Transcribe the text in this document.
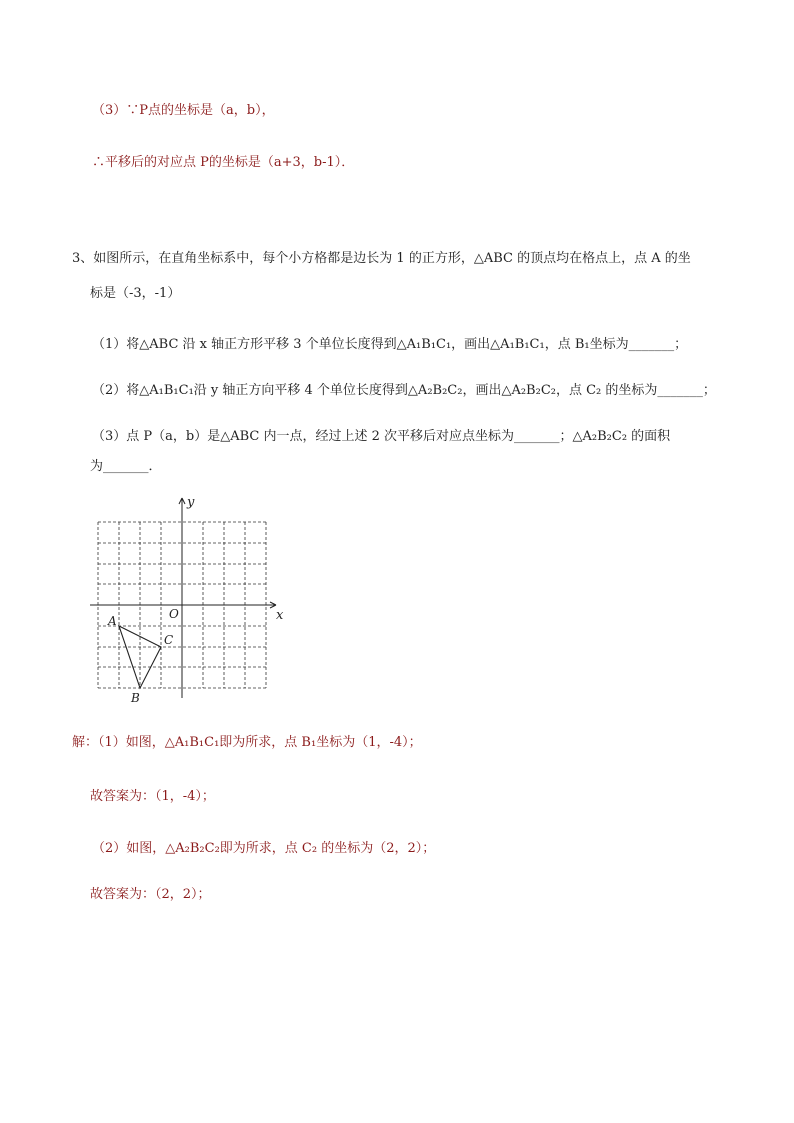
（3）∵P点的坐标是（a，b），
∴平移后的对应点 P的坐标是（a+3，b-1）．
3、如图所示，在直角坐标系中，每个小方格都是边长为 1 的正方形，△ABC 的顶点均在格点上，点 A 的坐
标是（-3，-1）
（1）将△ABC 沿 x 轴正方形平移 3 个单位长度得到△A₁B₁C₁，画出△A₁B₁C₁，点 B₁坐标为_______；
（2）将△A₁B₁C₁沿 y 轴正方向平移 4 个单位长度得到△A₂B₂C₂，画出△A₂B₂C₂，点 C₂ 的坐标为_______；
（3）点 P（a，b）是△ABC 内一点，经过上述 2 次平移后对应点坐标为_______；△A₂B₂C₂ 的面积
为_______．
x
y
O
A
C
B
解：（1）如图，△A₁B₁C₁即为所求，点 B₁坐标为（1，-4）；
故答案为：（1，-4）；
（2）如图，△A₂B₂C₂即为所求，点 C₂ 的坐标为（2，2）；
故答案为：（2，2）；
